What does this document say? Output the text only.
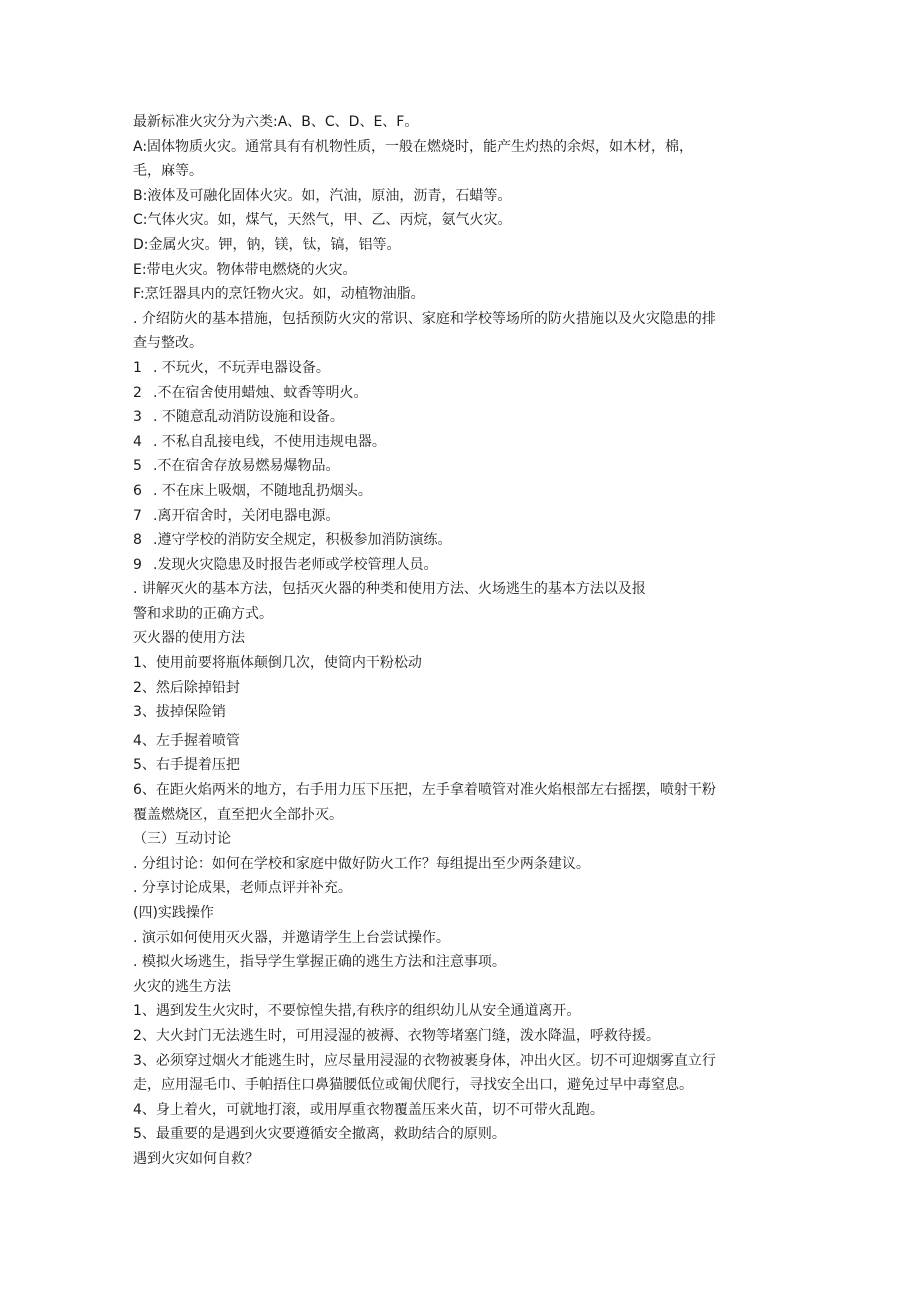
最新标准火灾分为六类:A、B、C、D、E、F。
A:固体物质火灾。通常具有有机物性质，一般在燃烧时，能产生灼热的余烬，如木材，棉，
毛，麻等。
B:液体及可融化固体火灾。如，汽油，原油，沥青，石蜡等。
C:气体火灾。如，煤气，天然气，甲、乙、丙烷，氨气火灾。
D:金属火灾。钾，钠，镁，钛，镐，铝等。
E:带电火灾。物体带电燃烧的火灾。
F:烹饪器具内的烹饪物火灾。如，动植物油脂。
. 介绍防火的基本措施，包括预防火灾的常识、家庭和学校等场所的防火措施以及火灾隐患的排
查与整改。
1 . 不玩火，不玩弄电器设备。
2 .不在宿舍使用蜡烛、蚊香等明火。
3 . 不随意乱动消防设施和设备。
4 . 不私自乱接电线，不使用违规电器。
5 .不在宿舍存放易燃易爆物品。
6 . 不在床上吸烟，不随地乱扔烟头。
7 .离开宿舍时，关闭电器电源。
8 .遵守学校的消防安全规定，积极参加消防演练。
9 .发现火灾隐患及时报告老师或学校管理人员。
. 讲解灭火的基本方法，包括灭火器的种类和使用方法、火场逃生的基本方法以及报
警和求助的正确方式。
灭火器的使用方法
1、使用前要将瓶体颠倒几次，使筒内干粉松动
2、然后除掉铅封
3、拔掉保险销
4、左手握着喷管
5、右手提着压把
6、在距火焰两米的地方，右手用力压下压把，左手拿着喷管对准火焰根部左右摇摆，喷射干粉
覆盖燃烧区，直至把火全部扑灭。
（三）互动讨论
. 分组讨论：如何在学校和家庭中做好防火工作？每组提出至少两条建议。
. 分享讨论成果，老师点评并补充。
(四)实践操作
. 演示如何使用灭火器，并邀请学生上台尝试操作。
. 模拟火场逃生，指导学生掌握正确的逃生方法和注意事项。
火灾的逃生方法
1、遇到发生火灾时，不要惊惶失措,有秩序的组织幼儿从安全通道离开。
2、大火封门无法逃生时，可用浸湿的被褥、衣物等堵塞门缝，泼水降温，呼救待援。
3、必须穿过烟火才能逃生时，应尽量用浸湿的衣物被裹身体，冲出火区。切不可迎烟雾直立行
走，应用湿毛巾、手帕捂住口鼻猫腰低位或匍伏爬行，寻找安全出口，避免过早中毒窒息。
4、身上着火，可就地打滚，或用厚重衣物覆盖压来火苗，切不可带火乱跑。
5、最重要的是遇到火灾要遵循安全撤离，救助结合的原则。
遇到火灾如何自救？
